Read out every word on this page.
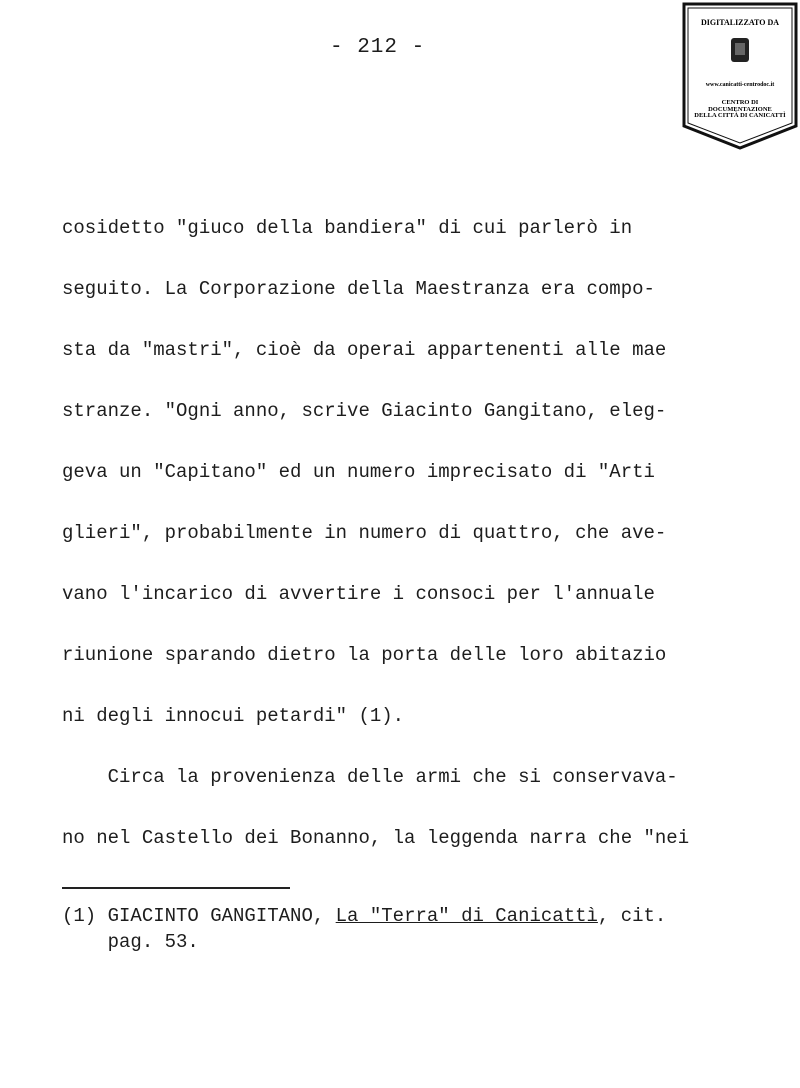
- 212 -
DIGITALIZZATO DA
www.canicatti-centrodoc.it
CENTRO DI DOCUMENTAZIONE
DELLA CITTÀ DI CANICATTÌ
cosidetto "giuco della bandiera" di cui parlerò in
seguito. La Corporazione della Maestranza era compo-
sta da "mastri", cioè da operai appartenenti alle mae
stranze. "Ogni anno, scrive Giacinto Gangitano, eleg-
geva un "Capitano" ed un numero imprecisato di "Arti
glieri", probabilmente in numero di quattro, che ave-
vano l'incarico di avvertire i consoci per l'annuale
riunione sparando dietro la porta delle loro abitazio
ni degli innocui petardi" (1).
Circa la provenienza delle armi che si conservava-
no nel Castello dei Bonanno, la leggenda narra che "nei
(1) GIACINTO GANGITANO, La "Terra" di Canicattì, cit.
pag. 53.
